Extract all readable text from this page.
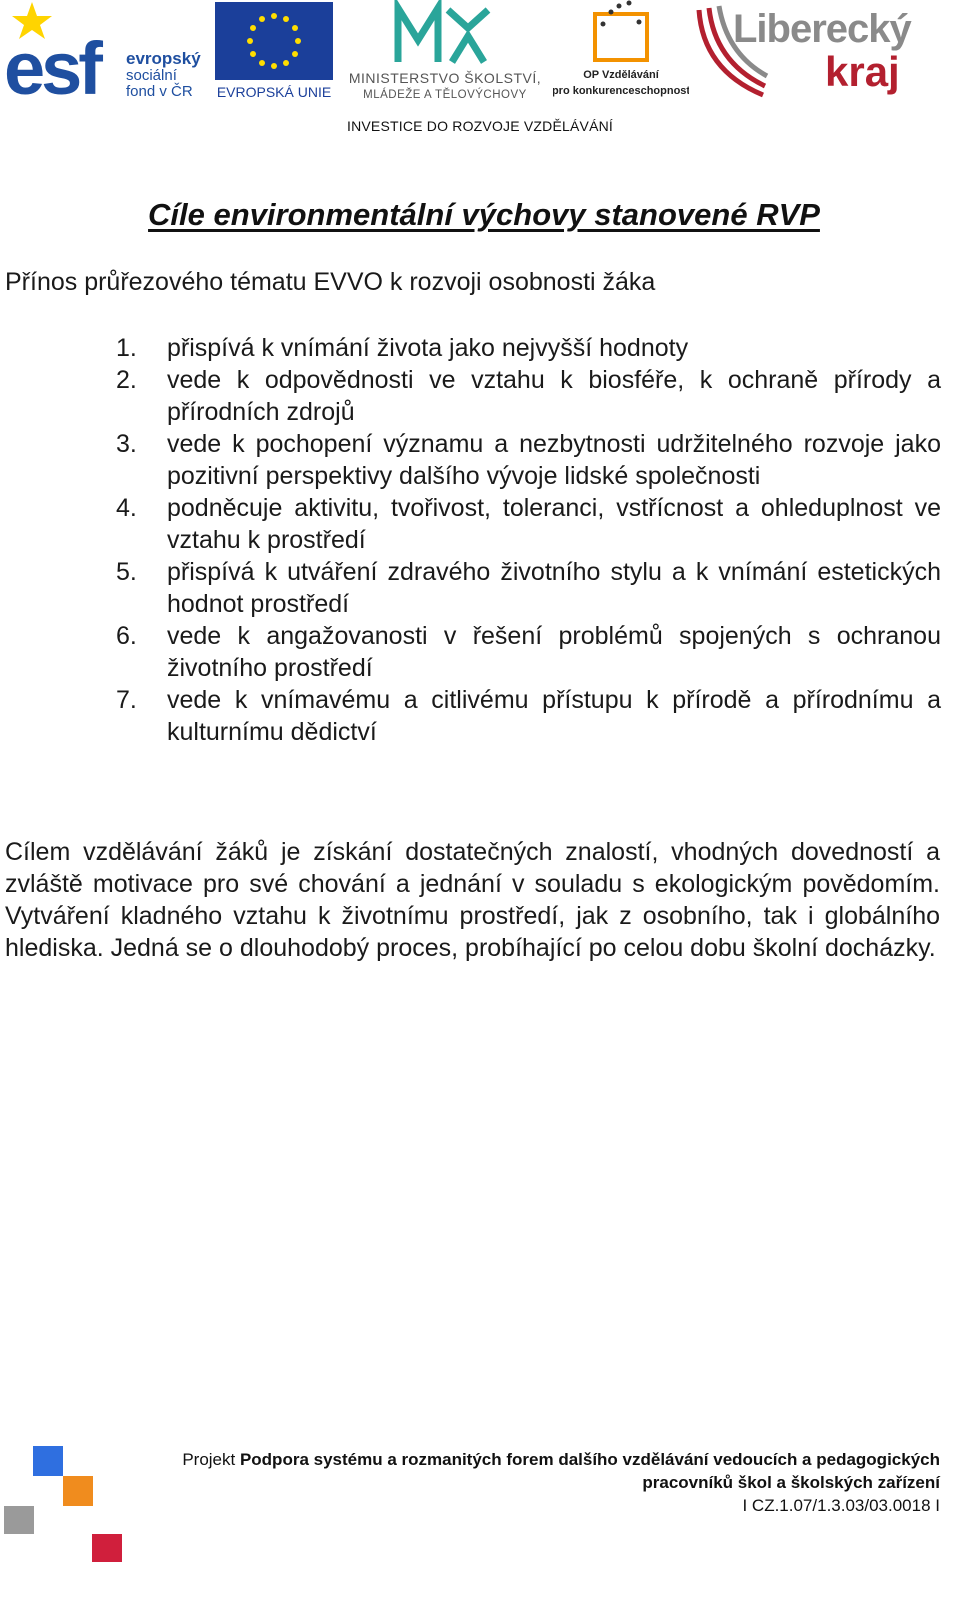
esf evropský
sociální
fond v ČR EVROPSKÁ UNIE
MINISTERSTVO ŠKOLSTVÍ,
MLÁDEŽE A TĚLOVÝCHOVY
OP Vzdělávání
pro konkurenceschopnost
Liberecký
kraj
INVESTICE DO ROZVOJE VZDĚLÁVÁNÍ
Cíle environmentální výchovy stanovené RVP

Přínos průřezového tématu EVVO k rozvoji osobnosti žáka

1. přispívá k vnímání života jako nejvyšší hodnoty
2. vede k odpovědnosti ve vztahu k biosféře, k ochraně přírody a přírodních zdrojů
3. vede k pochopení významu a nezbytnosti udržitelného rozvoje jako pozitivní perspektivy dalšího vývoje lidské společnosti
4. podněcuje aktivitu, tvořivost, toleranci, vstřícnost a ohleduplnost ve vztahu k prostředí
5. přispívá k utváření zdravého životního stylu a k vnímání estetických hodnot prostředí
6. vede k angažovanosti v řešení problémů spojených s ochranou životního prostředí
7. vede k vnímavému a citlivému přístupu k přírodě a přírodnímu a kulturnímu dědictví

Cílem vzdělávání žáků je získání dostatečných znalostí, vhodných dovedností a zvláště motivace pro své chování a jednání v souladu s ekologickým povědomím. Vytváření kladného vztahu k životnímu prostředí, jak z osobního, tak i globálního hlediska. Jedná se o dlouhodobý proces, probíhající po celou dobu školní docházky.

Projekt Podpora systému a rozmanitých forem dalšího vzdělávání vedoucích a pedagogických pracovníků škol a školských zařízení
I CZ.1.07/1.3.03/03.0018 I
